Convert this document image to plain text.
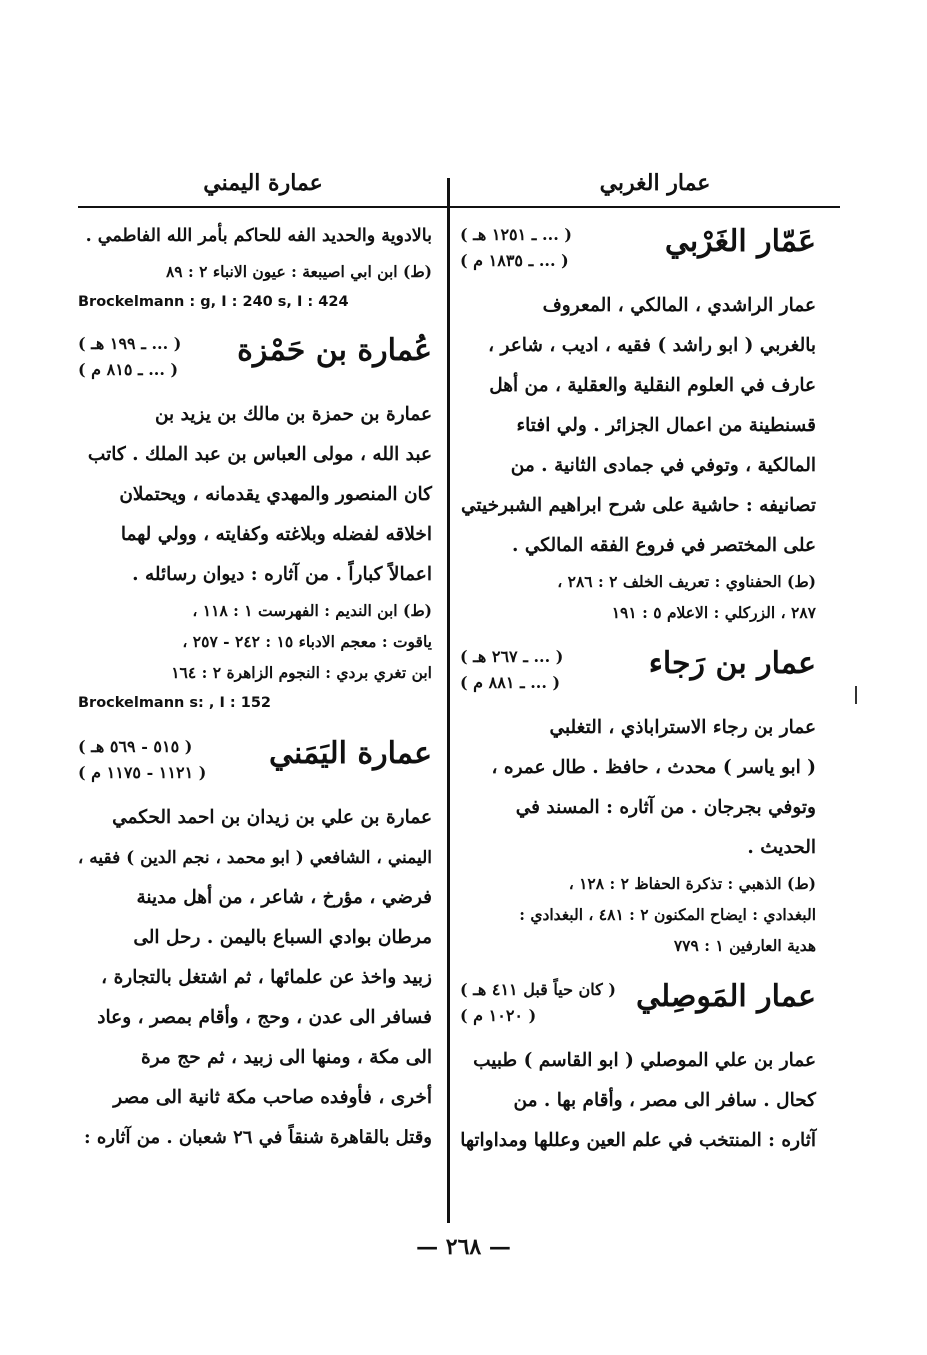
عمار الغربي
عمارة اليمني
عَمّار الغَرْبي
( ... ‍ـ ١٢٥١ هـ )
( ... ‍ـ ١٨٣٥ م )
عمار الراشدي ، المالكي ، المعروف
بالغربي ( ابو راشد ) فقيه ، اديب ، شاعر ،
عارف في العلوم النقلية والعقلية ، من أهل
قسنطينة من اعمال الجزائر . ولي افتاء
المالكية ، وتوفي في جمادى الثانية . من
تصانيفه : حاشية على شرح ابراهيم الشبرخيتي
على المختصر في فروع الفقه المالكي .
(ط) الحفناوي : تعريف الخلف ٢ : ٢٨٦ ،
٢٨٧ ، الزركلي : الاعلام ٥ : ١٩١
عمار بن رَجاء
( ... ‍ـ ٢٦٧ هـ )
( ... ‍ـ ٨٨١ م )
عمار بن رجاء الاستراباذي ، التغلبي
( ابو ياسر ) محدث ، حافظ . طال عمره ،
وتوفي بجرجان . من آثاره : المسند في
الحديث .
(ط) الذهبي : تذكرة الحفاظ ٢ : ١٢٨ ،
البغدادي : ايضاح المكنون ٢ : ٤٨١ ، البغدادي :
هدية العارفين ١ : ٧٧٩
عمار المَوصِلي
( كان حياً قبل ٤١١ هـ )
( ١٠٢٠ م )
عمار بن علي الموصلي ( ابو القاسم ) طبيب
كحال . سافر الى مصر ، وأقام بها . من
آثاره : المنتخب في علم العين وعللها ومداواتها
بالادوية والحديد الفه للحاكم بأمر الله الفاطمي .
(ط) ابن ابي اصيبعة : عيون الانباء ٢ : ٨٩
Brockelmann : g, I : 240 s, I : 424
عُمارة بن حَمْزة
( ... ‍ـ ١٩٩ هـ )
( ... ‍ـ ٨١٥ م )
عمارة بن حمزة بن مالك بن يزيد بن
عبد الله ، مولى العباس بن عبد الملك . كاتب
كان المنصور والمهدي يقدمانه ، ويحتملان
اخلاقه لفضله وبلاغته وكفايته ، وولي لهما
اعمالاً كباراً . من آثاره : ديوان رسائله .
(ط) ابن النديم : الفهرست ١ : ١١٨ ،
ياقوت : معجم الادباء ١٥ : ٢٤٢ - ٢٥٧ ،
ابن تغري بردي : النجوم الزاهرة ٢ : ١٦٤
Brockelmann s: , I : 152
عمارة اليَمَني
( ٥١٥ - ٥٦٩ هـ )
( ١١٢١ - ١١٧٥ م )
عمارة بن علي بن زيدان بن احمد الحكمي
اليمني ، الشافعي ( ابو محمد ، نجم الدين ) فقيه ،
فرضي ، مؤرخ ، شاعر ، من أهل مدينة
مرطان بوادي السباع باليمن . رحل الى
زبيد واخذ عن علمائها ، ثم اشتغل بالتجارة ،
فسافر الى عدن ، وحج ، وأقام بمصر ، وعاد
الى مكة ، ومنها الى زبيد ، ثم حج مرة
أخرى ، فأوفده صاحب مكة ثانية الى مصر
وقتل بالقاهرة شنقاً في ٢٦ شعبان . من آثاره :
— ٢٦٨ —
